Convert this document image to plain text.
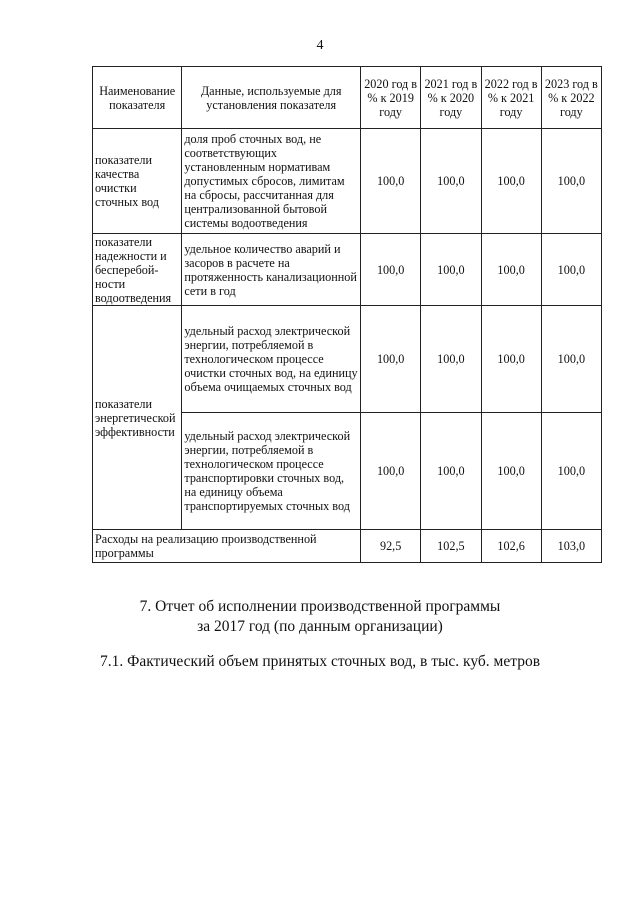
4
Наименование показателя	Данные, используемые для установления показателя	2020 год в % к 2019 году	2021 год в % к 2020 году	2022 год в % к 2021 году	2023 год в % к 2022 году
показатели качества очистки сточных вод	доля проб сточных вод, не соответствующих установленным нормативам допустимых сбросов, лимитам на сбросы, рассчитанная для централизованной бытовой системы водоотведения	100,0	100,0	100,0	100,0
показатели надежности и бесперебой-ности водоотведения	удельное количество аварий и засоров в расчете на протяженность канализационной сети в год	100,0	100,0	100,0	100,0
показатели энергетической эффективности	удельный расход электрической энергии, потребляемой в технологическом процессе очистки сточных вод, на единицу объема очищаемых сточных вод	100,0	100,0	100,0	100,0
	удельный расход электрической энергии, потребляемой в технологическом процессе транспортировки сточных вод, на единицу объема транспортируемых сточных вод	100,0	100,0	100,0	100,0
Расходы на реализацию производственной программы		92,5	102,5	102,6	103,0
7. Отчет об исполнении производственной программы
за 2017 год (по данным организации)
7.1. Фактический объем принятых сточных вод, в тыс. куб. метров
